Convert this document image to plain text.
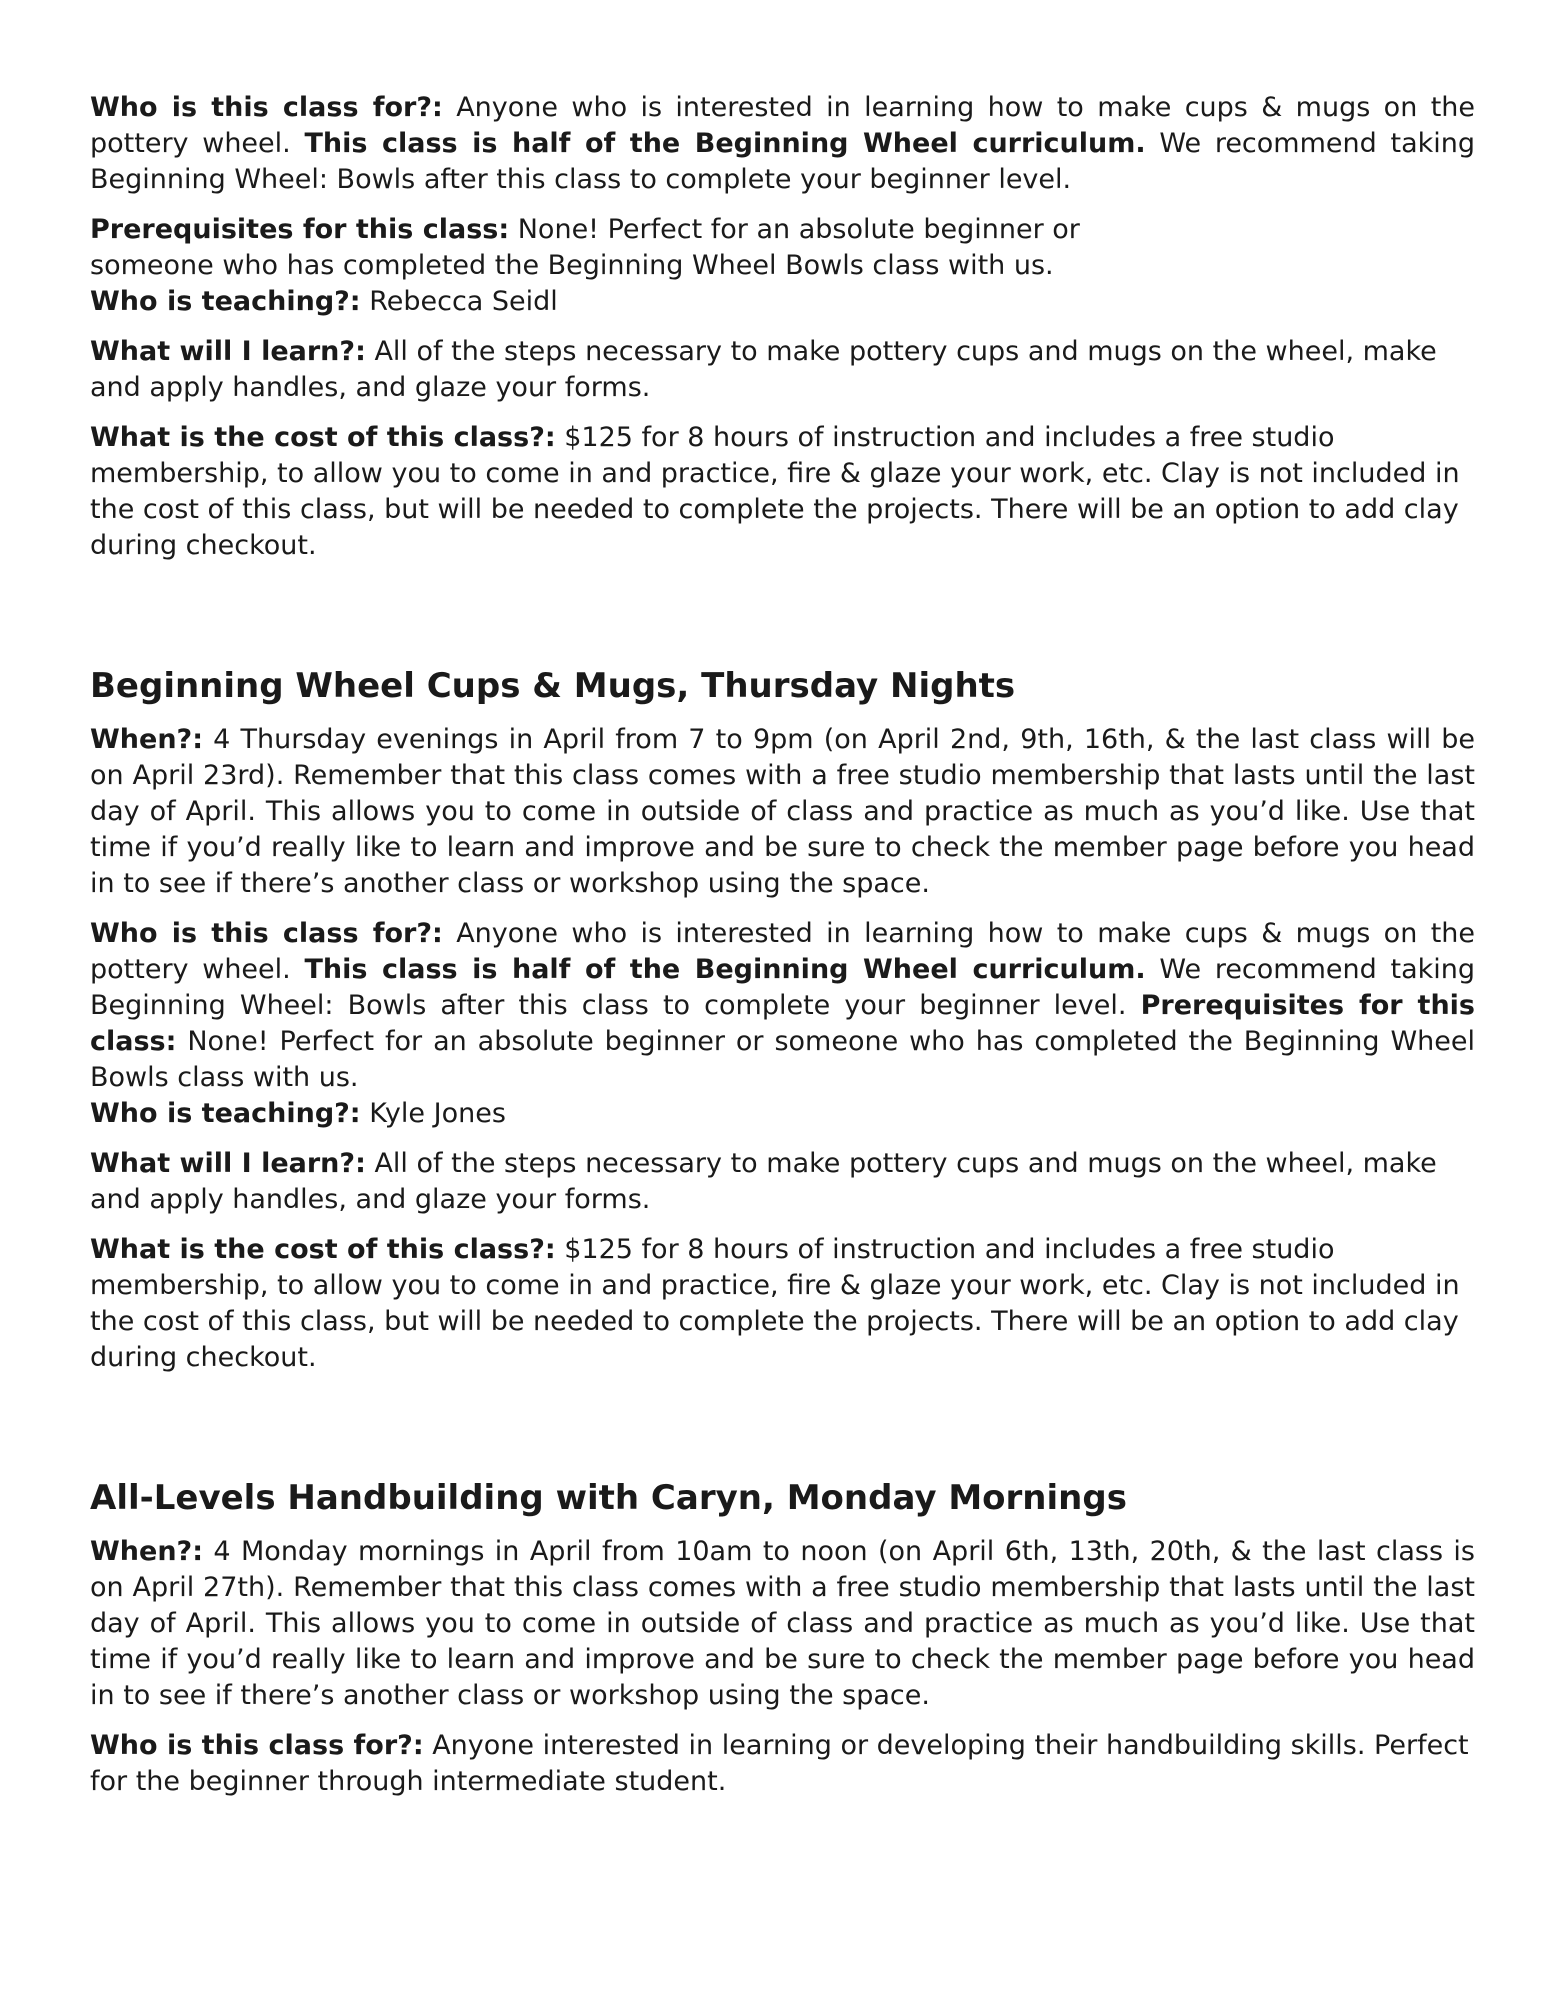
Who is this class for?: Anyone who is interested in learning how to make cups & mugs on the pottery wheel. This class is half of the Beginning Wheel curriculum. We recommend taking Beginning Wheel: Bowls after this class to complete your beginner level.

Prerequisites for this class: None! Perfect for an absolute beginner or someone who has completed the Beginning Wheel Bowls class with us.

Who is teaching?: Rebecca Seidl

What will I learn?: All of the steps necessary to make pottery cups and mugs on the wheel, make and apply handles, and glaze your forms.

What is the cost of this class?: $125 for 8 hours of instruction and includes a free studio membership, to allow you to come in and practice, fire & glaze your work, etc. Clay is not included in the cost of this class, but will be needed to complete the projects. There will be an option to add clay during checkout.

Beginning Wheel Cups & Mugs, Thursday Nights

When?: 4 Thursday evenings in April from 7 to 9pm (on April 2nd, 9th, 16th, & the last class will be on April 23rd). Remember that this class comes with a free studio membership that lasts until the last day of April. This allows you to come in outside of class and practice as much as you’d like. Use that time if you’d really like to learn and improve and be sure to check the member page before you head in to see if there’s another class or workshop using the space.

Who is this class for?: Anyone who is interested in learning how to make cups & mugs on the pottery wheel. This class is half of the Beginning Wheel curriculum. We recommend taking Beginning Wheel: Bowls after this class to complete your beginner level. Prerequisites for this class: None! Perfect for an absolute beginner or someone who has completed the Beginning Wheel Bowls class with us.

Who is teaching?: Kyle Jones

What will I learn?: All of the steps necessary to make pottery cups and mugs on the wheel, make and apply handles, and glaze your forms.

What is the cost of this class?: $125 for 8 hours of instruction and includes a free studio membership, to allow you to come in and practice, fire & glaze your work, etc. Clay is not included in the cost of this class, but will be needed to complete the projects. There will be an option to add clay during checkout.

All-Levels Handbuilding with Caryn, Monday Mornings

When?: 4 Monday mornings in April from 10am to noon (on April 6th, 13th, 20th, & the last class is on April 27th). Remember that this class comes with a free studio membership that lasts until the last day of April. This allows you to come in outside of class and practice as much as you’d like. Use that time if you’d really like to learn and improve and be sure to check the member page before you head in to see if there’s another class or workshop using the space.

Who is this class for?: Anyone interested in learning or developing their handbuilding skills. Perfect for the beginner through intermediate student.
